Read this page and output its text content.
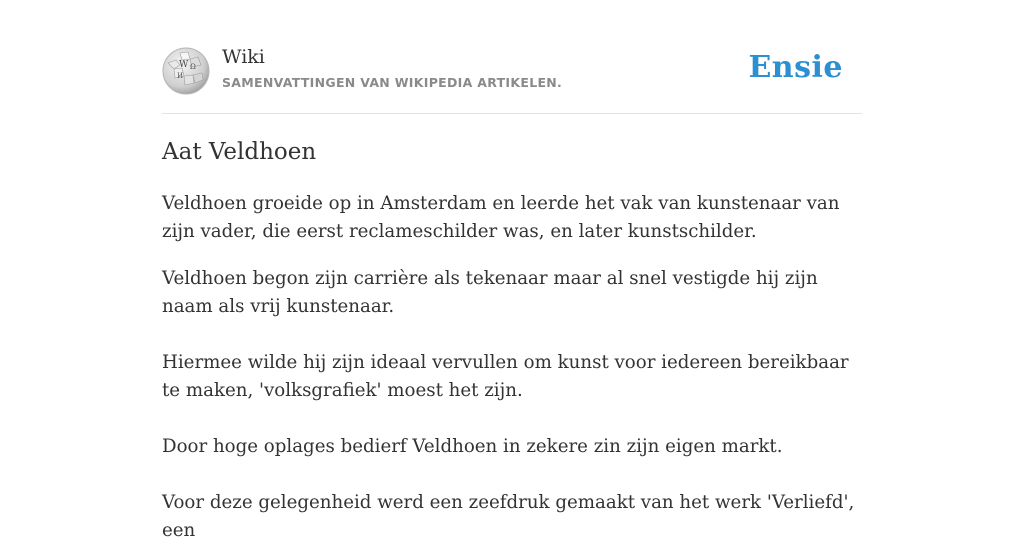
W Ω
И
Wiki
SAMENVATTINGEN VAN WIKIPEDIA ARTIKELEN.	Ensie
Aat Veldhoen

Veldhoen groeide op in Amsterdam en leerde het vak van kunstenaar van zijn vader, die eerst reclameschilder was, en later kunstschilder.

Veldhoen begon zijn carrière als tekenaar maar al snel vestigde hij zijn naam als vrij kunstenaar.

Hiermee wilde hij zijn ideaal vervullen om kunst voor iedereen bereikbaar te maken, 'volksgrafiek' moest het zijn.

Door hoge oplages bedierf Veldhoen in zekere zin zijn eigen markt.

Voor deze gelegenheid werd een zeefdruk gemaakt van het werk 'Verliefd', een
